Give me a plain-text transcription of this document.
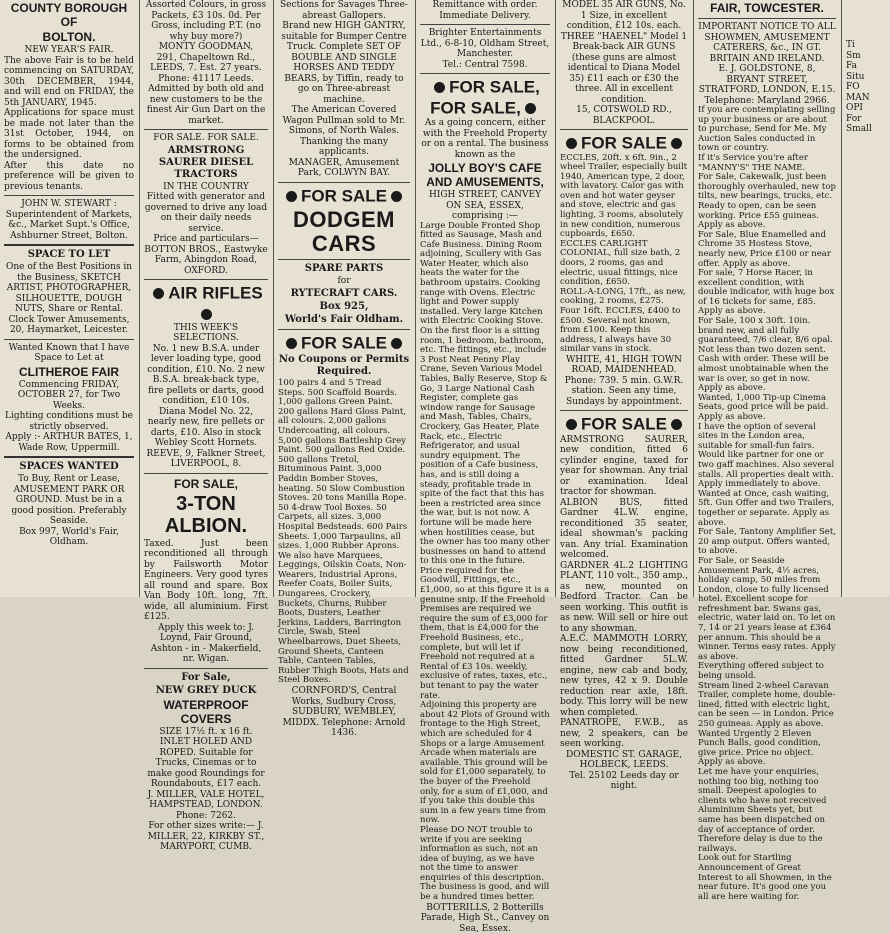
COUNTY BOROUGH OF

BOLTON.

NEW YEAR'S FAIR.

The above Fair is to be held commencing on SATURDAY, 30th DECEMBER, 1944, and will end on FRIDAY, the 5th JANUARY, 1945.

Applications for space must be made not later than the 31st October, 1944, on forms to be obtained from the undersigned.

After this date no preference will be given to previous tenants.

JOHN W. STEWART :

Superintendent of Markets, &c., Market Supt.'s Office, Ashburner Street, Bolton.

SPACE TO LET

One of the Best Positions in the Business, SKETCH ARTIST, PHOTOGRAPHER, SILHOUETTE, DOUGH NUTS, Share or Rental.

Clock Tower Amusements, 20, Haymarket, Leicester.

Wanted Known that I have Space to Let at

CLITHEROE FAIR

Commencing FRIDAY, OCTOBER 27, for Two Weeks.

Lighting conditions must be strictly observed.

Apply :- ARTHUR BATES, 1, Wade Row, Uppermill.

SPACES WANTED

To Buy, Rent or Lease, AMUSEMENT PARK OR GROUND. Must be in a good position. Preferably Seaside.

Box 997, World's Fair, Oldham.

Assorted Colours, in gross Packets, £3 10s. 0d. Per Gross, including P.T. (no why buy more?)

MONTY GOODMAN,

291, Chapeltown Rd., LEEDS, 7. Est. 27 years. Phone: 41117 Leeds. Admitted by both old and new customers to be the finest Air Gun Dart on the market.

FOR SALE. FOR SALE.

ARMSTRONG SAURER DIESEL TRACTORS

IN THE COUNTRY

Fitted with generator and governed to drive any load on their daily needs service.

Price and particulars— BOTTON BROS., Eastwyke Farm, Abingdon Road, OXFORD.

AIR RIFLES

THIS WEEK'S SELECTIONS.

No. 1 new B.S.A. under lever loading type, good condition, £10. No. 2 new B.S.A. break-back type, fire pellets or darts, good condition, £10 10s.

Diana Model No. 22, nearly new, fire pellets or darts, £10. Also in stock Webley Scott Hornets.

REEVE, 9, Falkner Street, LIVERPOOL, 8.

FOR SALE,

3-TON ALBION.

Taxed. Just been reconditioned all through by Failsworth Motor Engineers. Very good tyres all round and spare. Box Van Body 10ft. long, 7ft. wide, all aluminium. First £125.

Apply this week to: J. Loynd, Fair Ground, Ashton - in - Makerfield, nr. Wigan.

For Sale,

NEW GREY DUCK

WATERPROOF COVERS

SIZE 17½ ft. x 16 ft.

INLET HOLED AND ROPED. Suitable for Trucks, Cinemas or to make good Roundings for Roundabouts, £17 each.

J. MILLER, VALE HOTEL, HAMPSTEAD, LONDON. Phone: 7262.

For other sizes write:— J. MILLER, 22, KIRKBY ST., MARYPORT, CUMB.

Sections for Savages Three-abreast Gallopers.

Brand new HIGH GANTRY, suitable for Bumper Centre Truck. Complete SET OF BOUBLE AND SINGLE HORSES AND TEDDY BEARS, by Tiffin, ready to go on Three-abreast machine.

The American Covered Wagon Pullman sold to Mr. Simons, of North Wales. Thanking the many applicants.

MANAGER, Amusement Park, COLWYN BAY.

FOR SALE

DODGEM CARS

SPARE PARTS

for

RYTECRAFT CARS.

Box 925,

World's Fair Oldham.

FOR SALE

No Coupons or Permits Required.

100 pairs 4 and 5 Tread Steps. 500 Scaffold Boards. 1,000 gallons Green Paint. 200 gallons Hard Gloss Paint, all colours. 2,000 gallons Undercoating, all colours. 5,000 gallons Battleship Grey Paint. 500 gallons Red Oxide. 500 gallons Tretol, Bituminous Paint. 3,000 Paddin Bomber Stoves, heating. 50 Slow Combustion Stoves. 20 tons Manilla Rope. 50 4-draw Tool Boxes. 50 Carpets, all sizes. 3,000 Hospital Bedsteads. 600 Pairs Sheets. 1,000 Tarpaulins, all sizes. 1,000 Rubber Aprons.

We also have Marquees, Leggings, Oilskin Coats, Non-Wearers, Industrial Aprons, Reefer Coats, Boiler Suits, Dungarees, Crockery, Buckets, Churns, Rubber Boots, Dusters, Leather Jerkins, Ladders, Barrington Circle, Swab, Steel Wheelbarrows, Duet Sheets, Ground Sheets, Canteen Table, Canteen Tables, Rubber Thigh Boots, Hats and Steel Boxes.

CORNFORD'S, Central Works, Sudbury Cross, SUDBURY, WEMBLEY, MIDDX. Telephone: Arnold 1436.

Remittance with order. Immediate Delivery.

Brighter Entertainments Ltd., 6-8-10, Oldham Street, Manchester.

Tel.: Central 7598.

FOR SALE, FOR SALE,

As a going concern, either with the Freehold Property or on a rental. The business known as the

JOLLY BOY'S CAFE AND AMUSEMENTS,

HIGH STREET, CANVEY ON SEA, ESSEX, comprising :—

Large Double Fronted Shop fitted as Sausage, Mash and Cafe Business. Dining Room adjoining, Scullery with Gas Water Heater, which also heats the water for the bathroom upstairs. Cooking range with Ovens. Electric light and Power supply installed. Very large Kitchen with Electric Cooking Stove. On the first floor is a sitting room, 1 bedroom, bathroom, etc. The fittings, etc., include 3 Post Neat Penny Play Crane, Seven Various Model Tables, Bally Reserve, Stop & Go, 3 Large National Cash Register, complete gas window range for Sausage and Mash, Tables, Chairs, Crockery, Gas Heater, Plate Rack, etc., Electric Refrigerator, and usual sundry equipment. The position of a Cafe business, has, and is still doing a steady, profitable trade in spite of the fact that this has been a restricted area since the war, but is not now. A fortune will be made here when hostilities cease, but the owner has too many other businesses on hand to attend to this one in the future.

Price required for the Goodwill, Fittings, etc., £1,000, so at this figure it is a genuine snip. If the Freehold Premises are required we require the sum of £3,000 for them, that is £4,000 for the Freehold Business, etc., complete, but will let if Freehold not required at a Rental of £3 10s. weekly, exclusive of rates, taxes, etc., but tenant to pay the water rate.

Adjoining this property are about 42 Plots of Ground with frontage to the High Street, which are scheduled for 4 Shops or a large Amusement Arcade when materials are available. This ground will be sold for £1,000 separately, to the buyer of the Freehold only, for a sum of £1,000, and if you take this double this sum in a few years time from now.

Please DO NOT trouble to write if you are seeking information as such, not an idea of buying, as we have not the time to answer enquiries of this description. The business is good, and will be a hundred times better.

BOTTERILLS, 2 Botterills Parade, High St., Canvey on Sea, Essex.

MODEL 35 AIR GUNS, No. 1 Size, in excellent condition, £12 10s. each.

THREE "HAENEL" Model 1 Break-back AIR GUNS (these guns are almost identical to Diana Model 35) £11 each or £30 the three. All in excellent condition.

15, COTSWOLD RD., BLACKPOOL.

FOR SALE

ECCLES, 20ft. x 6ft. 9in., 2 wheel Trailer, especially built 1940, American type, 2 door, with lavatory. Calor gas with oven and hot water geyser and stove, electric and gas lighting, 3 rooms, absolutely in new condition, numerous cupboards, £650.

ECCLES CARLIGHT COLONIAL, full size bath, 2 doors, 2 rooms, gas and electric, usual fittings, nice condition, £650.

ROLL-A-LONG, 17ft., as new, cooking, 2 rooms, £275.

Four 16ft. ECCLES, £400 to £500. Several not known, from £100. Keep this address, I always have 30 similar vans in stock.

WHITE, 41, HIGH TOWN ROAD, MAIDENHEAD.

Phone: 739. 5 min. G.W.R. station. Seen any time, Sundays by appointment.

FOR SALE

ARMSTRONG SAURER, new condition, fitted 6 cylinder engine, taxed for year for showman. Any trial or examination. Ideal tractor for showman.

ALBION BUS, fitted Gardner 4L.W. engine, reconditioned 35 seater, ideal showman's packing van. Any trial. Examination welcomed.

GARDNER 4L.2 LIGHTING PLANT, 110 volt., 350 amp., as new, mounted on Bedford Tractor. Can be seen working. This outfit is as new. Will sell or hire out to any showman.

A.E.C. MAMMOTH LORRY, now being reconditioned, fitted Gardner 5L.W. engine, new cab and body, new tyres, 42 x 9. Double reduction rear axle, 18ft. body. This lorry will be new when completed.

PANATROPE, F.W.B., as new, 2 speakers, can be seen working.

DOMESTIC ST. GARAGE, HOLBECK, LEEDS.

Tel. 25102 Leeds day or night.

FAIR, TOWCESTER.

IMPORTANT NOTICE TO ALL SHOWMEN, AMUSEMENT CATERERS, &c., IN GT. BRITAIN AND IRELAND.

E. J. GOLDSTONE, 8, BRYANT STREET, STRATFORD, LONDON, E.15. Telephone: Maryland 2966.

If you are contemplating selling up your business or are about to purchase, Send for Me. My Auction Sales conducted in town or country.

If it's Service you're after "MANNY'S" THE NAME.

For Sale, Cakewalk, just been thoroughly overhauled, new top tilts, new bearings, trucks, etc. Ready to open, can be seen working. Price £55 guineas. Apply as above.

For Sale, Blue Enamelled and Chrome 35 Hostess Stove, nearly new, Price £100 or near offer. Apply as above.

For sale, 7 Horse Racer, in excellent condition, with double indicator, with huge box of 16 tickets for same, £85. Apply as above.

For Sale, 100 x 30ft. 10in. brand new, and all fully guaranteed, 7/6 clear, 8/6 opal. Not less than two dozen sent. Cash with order. These will be almost unobtainable when the war is over, so get in now. Apply as above.

Wanted, 1,000 Tip-up Cinema Seats, good price will be paid. Apply as above.

I have the option of several sites in the London area, suitable for small-fun fairs. Would like partner for one or two gaff machines. Also several stalls. All properties dealt with. Apply immediately to above.

Wanted at Once, cash waiting, 5ft. Gun Offer and two Trailers, together or separate. Apply as above.

For Sale, Tantony Amplifier Set, 20 amp output. Offers wanted, to above.

For Sale, or Seaside Amusement Park, 4½ acres, holiday camp, 50 miles from London, close to fully licensed hotel. Excellent scope for refreshment bar. Swans gas, electric, water laid on. To let on 7, 14 or 21 years lease at £364 per annum. This should be a winner. Terms easy rates. Apply as above.

Everything offered subject to being unsold.

Stream lined 2-wheel Caravan Trailer, complete home, double-lined, fitted with electric light, can be seen — in London. Price 250 guineas. Apply as above.

Wanted Urgently 2 Eleven Punch Balls, good condition, give price. Price no object. Apply as above.

Let me have your enquiries, nothing too big, nothing too small. Deepest apologies to clients who have not received Aluminium Sheets yet, but same has been dispatched on day of acceptance of order. Therefore delay is due to the railways.

Look out for Startling Announcement of Great Interest to all Showmen, in the near future. It's good one you all are here waiting for.

Ti

Sm

Fa

Situ

FO

MAN

OPI

For

Small
